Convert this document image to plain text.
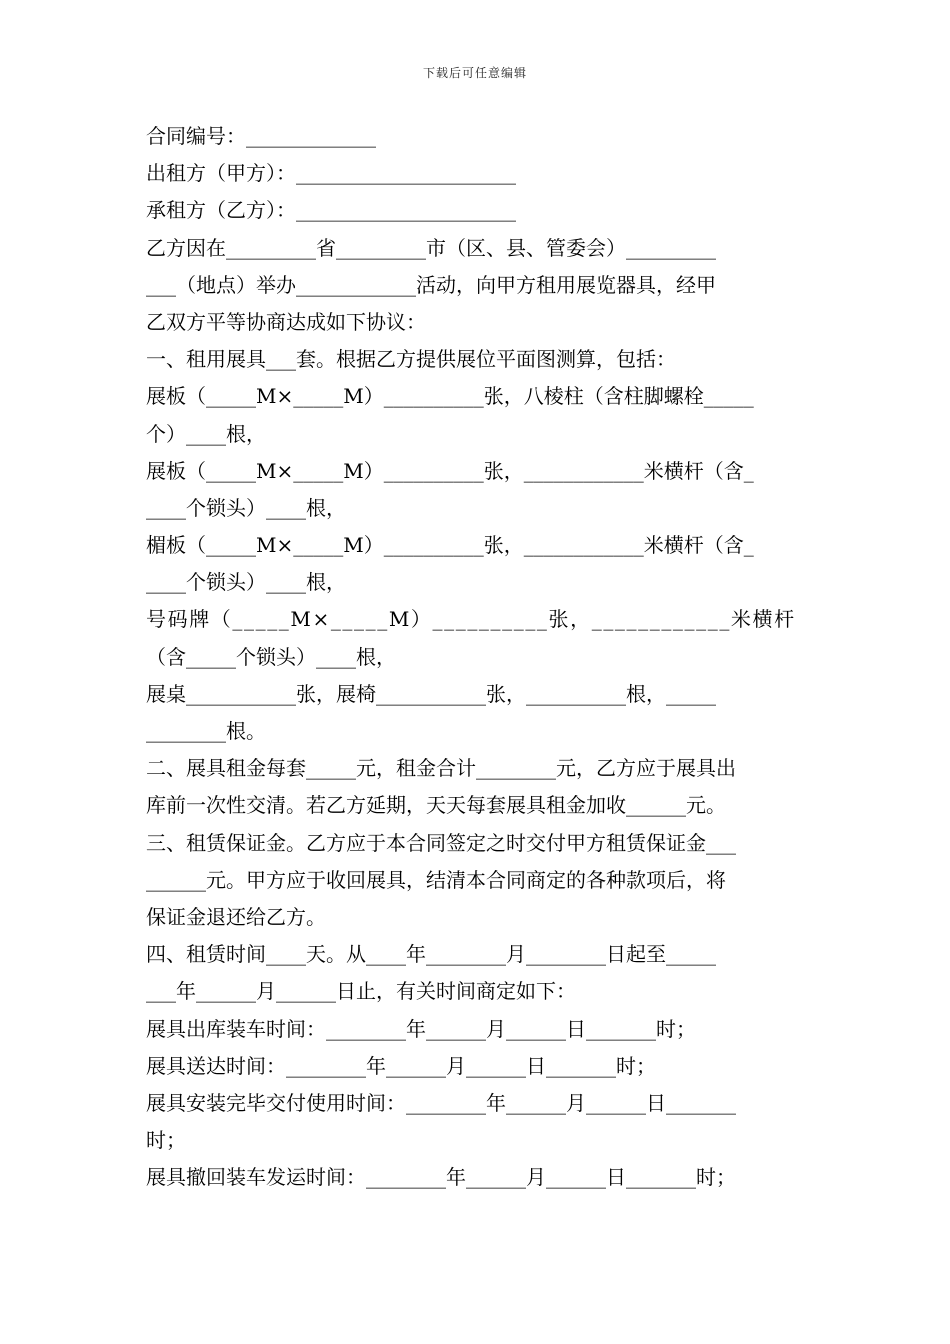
下载后可任意编辑
合同编号：_____________
出租方（甲方）：______________________
承租方（乙方）：______________________
乙方因在_________省_________市（区、县、管委会）_________
___（地点）举办____________活动，向甲方租用展览器具，经甲
乙双方平等协商达成如下协议：
一、租用展具___套。根据乙方提供展位平面图测算，包括：
展板（_____M×_____M）__________张，八棱柱（含柱脚螺栓_____
个）____根，
展板（_____M×_____M）__________张，____________米横杆（含_
____个锁头）____根，
楣板（_____M×_____M）__________张，____________米横杆（含_
____个锁头）____根，
号码牌（_____M×_____M）__________张，____________米横杆
（含_____个锁头）____根，
展桌___________张，展椅___________张，__________根，_____
________根。
二、展具租金每套_____元，租金合计________元，乙方应于展具出
库前一次性交清。若乙方延期，天天每套展具租金加收______元。
三、租赁保证金。乙方应于本合同签定之时交付甲方租赁保证金___
______元。甲方应于收回展具，结清本合同商定的各种款项后，将
保证金退还给乙方。
四、租赁时间____天。从____年________月________日起至_____
___年______月______日止，有关时间商定如下：
展具出库装车时间：________年______月______日_______时；
展具送达时间：________年______月______日_______时；
展具安装完毕交付使用时间：________年______月______日_______
时；
展具撤回装车发运时间：________年______月______日_______时；
